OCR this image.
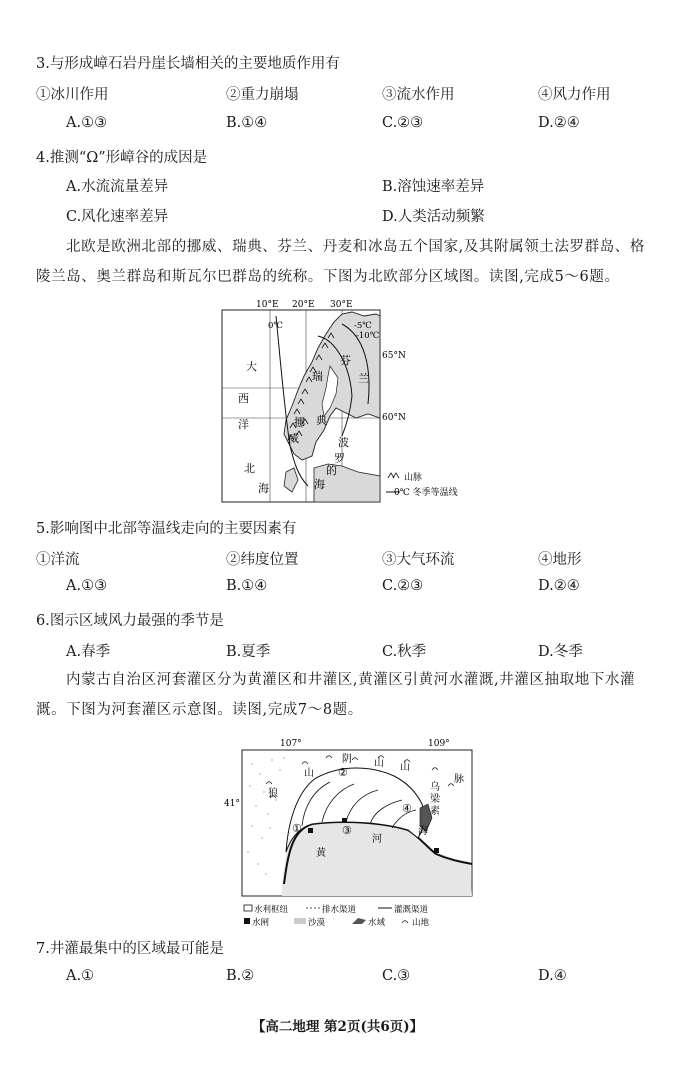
3.与形成嶂石岩丹崖长墙相关的主要地质作用有
①冰川作用	②重力崩塌	③流水作用	④风力作用
A.①③	B.①④	C.②③	D.②④
4.推测“Ω”形嶂谷的成因是
A.水流流量差异	B.溶蚀速率差异
C.风化速率差异	D.人类活动频繁
北欧是欧洲北部的挪威、瑞典、芬兰、丹麦和冰岛五个国家,及其附属领土法罗群岛、格陵兰岛、奥兰群岛和斯瓦尔巴群岛的统称。下图为北欧部分区域图。读图,完成5～6题。
10°E 20°E 30°E
0℃	-5℃
-10℃
65°N
60°N
大
西
洋
北
海
挪
威
瑞
典
芬
兰
波
罗
的
海	山脉
0℃ 冬季等温线
5.影响图中北部等温线走向的主要因素有
①洋流	②纬度位置	③大气环流	④地形
A.①③	B.①④	C.②③	D.②④
6.图示区域风力最强的季节是
A.春季	B.夏季	C.秋季	D.冬季
内蒙古自治区河套灌区分为黄灌区和井灌区,黄灌区引黄河水灌溉,井灌区抽取地下水灌溉。下图为河套灌区示意图。读图,完成7～8题。
107°	109°
41°
①
②
③
④
阴 山 山
脉
山
狼
乌
梁
素
海
黄
河
水利枢纽	排水渠道	灌溉渠道
水闸	沙漠	水域	山地
7.井灌最集中的区域最可能是
A.①	B.②	C.③	D.④
【高二地理 第2页(共6页)】
